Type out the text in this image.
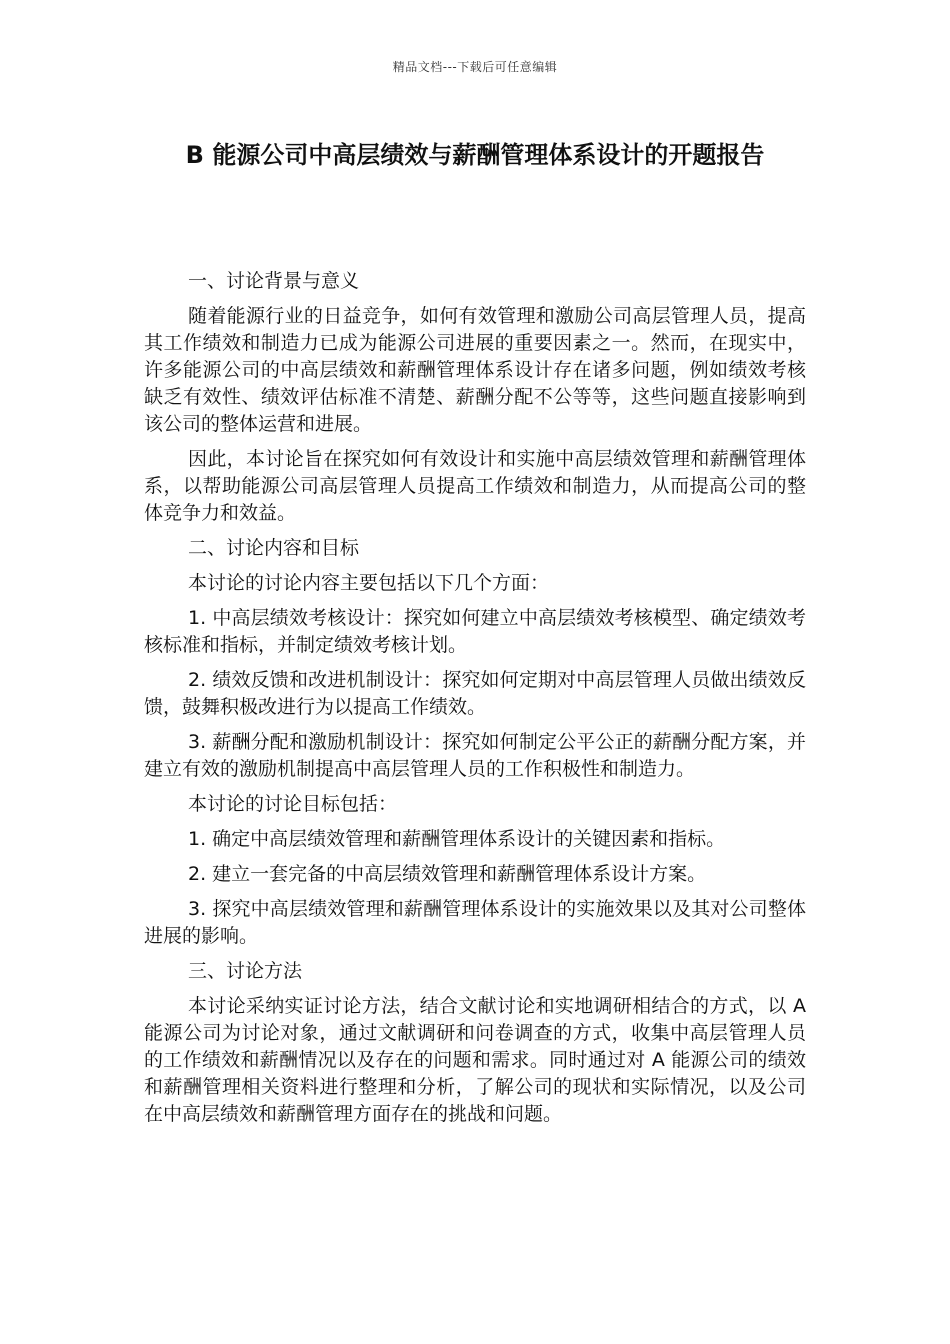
精品文档---下载后可任意编辑
B 能源公司中高层绩效与薪酬管理体系设计的开题报告

一、讨论背景与意义

随着能源行业的日益竞争，如何有效管理和激励公司高层管理人员，提高其工作绩效和制造力已成为能源公司进展的重要因素之一。然而，在现实中，许多能源公司的中高层绩效和薪酬管理体系设计存在诸多问题，例如绩效考核缺乏有效性、绩效评估标准不清楚、薪酬分配不公等等，这些问题直接影响到该公司的整体运营和进展。

因此，本讨论旨在探究如何有效设计和实施中高层绩效管理和薪酬管理体系，以帮助能源公司高层管理人员提高工作绩效和制造力，从而提高公司的整体竞争力和效益。

二、讨论内容和目标

本讨论的讨论内容主要包括以下几个方面：

1. 中高层绩效考核设计：探究如何建立中高层绩效考核模型、确定绩效考核标准和指标，并制定绩效考核计划。

2. 绩效反馈和改进机制设计：探究如何定期对中高层管理人员做出绩效反馈，鼓舞积极改进行为以提高工作绩效。

3. 薪酬分配和激励机制设计：探究如何制定公平公正的薪酬分配方案，并建立有效的激励机制提高中高层管理人员的工作积极性和制造力。

本讨论的讨论目标包括：

1. 确定中高层绩效管理和薪酬管理体系设计的关键因素和指标。

2. 建立一套完备的中高层绩效管理和薪酬管理体系设计方案。

3. 探究中高层绩效管理和薪酬管理体系设计的实施效果以及其对公司整体进展的影响。

三、讨论方法

本讨论采纳实证讨论方法，结合文献讨论和实地调研相结合的方式，以 A 能源公司为讨论对象，通过文献调研和问卷调查的方式，收集中高层管理人员的工作绩效和薪酬情况以及存在的问题和需求。同时通过对 A 能源公司的绩效和薪酬管理相关资料进行整理和分析，了解公司的现状和实际情况，以及公司在中高层绩效和薪酬管理方面存在的挑战和问题。
